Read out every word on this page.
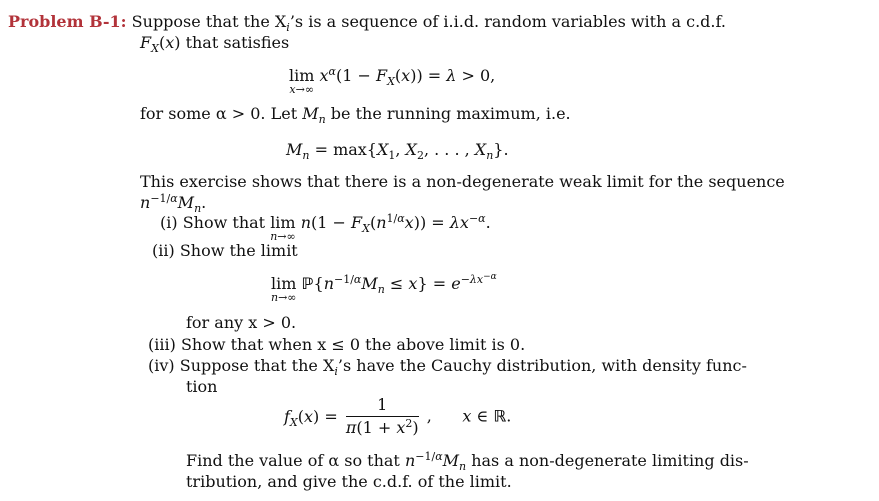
Problem B-1: Suppose that the $X_i’s$ is a sequence of i.i.d. random variables with a c.d.f.
$F_X(x)$ that satisfies
lim
x→∞
$x^\alpha(1 - F_X(x)) = \lambda > 0$,
for some α > 0. Let $M_n$ be the running maximum, i.e.
$M_n = \max\{X_1$, $X_2$, . . . , $X_n$}.
This exercise shows that there is a non-degenerate weak limit for the sequence
$n^{-1/\alpha}M_n$.
(i) Show that lim
n→∞
$n(1 - F_X(n^{1/\alpha}x)) = \lambda x^{-\alpha}$.
(ii) Show the limit
lim
n→∞
$ℙ\{n^{-1/\alpha}M_n \le x\} = e^{-\lambda x^{-\alpha}}$
for any x > 0.
(iii) Show that when x ≤ 0 the above limit is 0.
(iv) Suppose that the $X_i’s$ have the Cauchy distribution, with density func-
tion
$f_X(x) = \frac{1}{\pi(1 + x^2)}$ ,      x ∈ ℝ.
Find the value of α so that $n^{-1/\alpha}M_n$ has a non-degenerate limiting dis-
tribution, and give the c.d.f. of the limit.
